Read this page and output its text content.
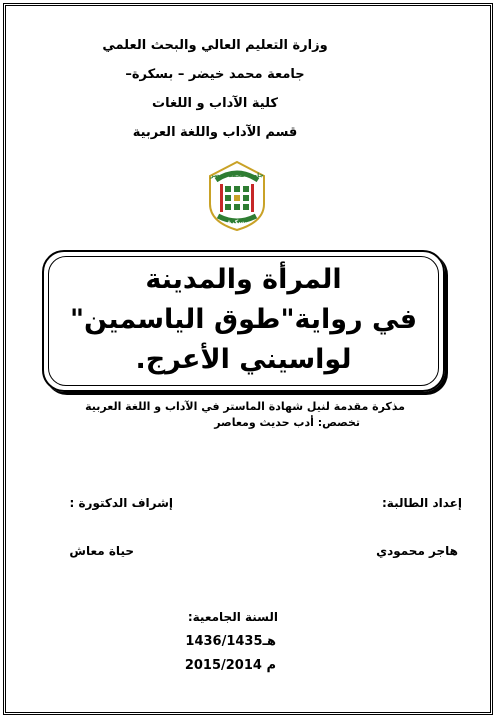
وزارة التعليم العالي والبحث العلمي
جامعة محمد خيضر – بسكرة–
كلية الآداب و اللغات
قسم الآداب واللغة العربية
جامعة محمد خيضر
بسكرة
المرأة والمدينة
في رواية"طوق الياسمين"
لواسيني الأعرج.
مذكرة مقدمة لنيل شهادة الماستر في الآداب و اللغة العربية
تخصص: أدب حديث ومعاصر
إعداد الطالبة:
إشراف الدكتورة :
هاجر محمودي
حياة معاش
السنة الجامعية:
1436/1435هـ
2015/2014 م
